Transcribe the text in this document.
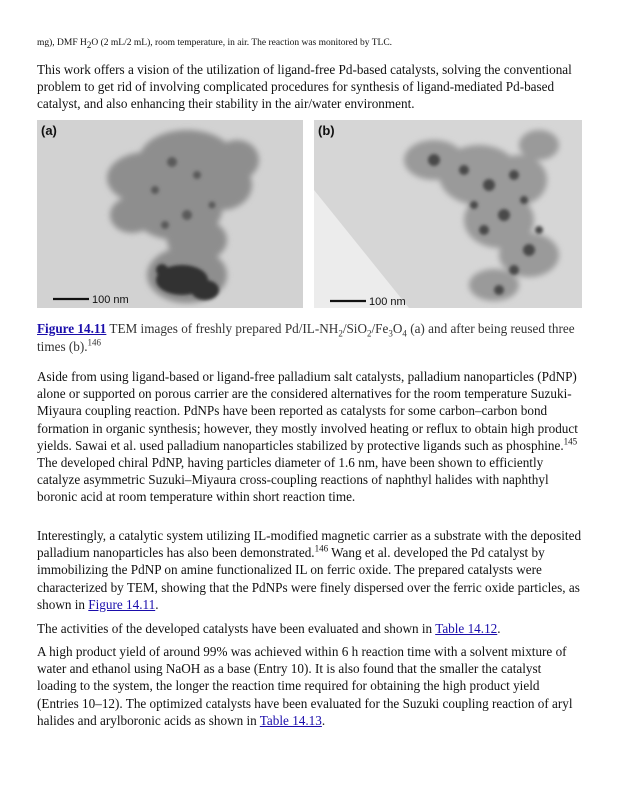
mg), DMF $H_2O$ (2 mL/2 mL), room temperature, in air. The reaction was monitored by TLC.

This work offers a vision of the utilization of ligand-free Pd-based catalysts, solving the conventional problem to get rid of involving complicated procedures for synthesis of ligand-mediated Pd-based catalyst, and also enhancing their stability in the air/water environment.

100 nm
(a)
100 nm
(b)

Figure 14.11 TEM images of freshly prepared $Pd/IL-NH_2/SiO_2/Fe_3O_4$ (a) and after being reused three times (b).$^{146}$

Aside from using ligand-based or ligand-free palladium salt catalysts, palladium nanoparticles (PdNP) alone or supported on porous carrier are the considered alternatives for the room temperature Suzuki-Miyaura coupling reaction. PdNPs have been reported as catalysts for some carbon–carbon bond formation in organic synthesis; however, they mostly involved heating or reflux to obtain high product yields. Sawai et al. used palladium nanoparticles stabilized by protective ligands such as phosphine.$^{145}$ The developed chiral PdNP, having particles diameter of 1.6 nm, have been shown to efficiently catalyze asymmetric Suzuki–Miyaura cross-coupling reactions of naphthyl halides with naphthyl boronic acid at room temperature within short reaction time.

Interestingly, a catalytic system utilizing IL-modified magnetic carrier as a substrate with the deposited palladium nanoparticles has also been demonstrated.$^{146}$ Wang et al. developed the Pd catalyst by immobilizing the PdNP on amine functionalized IL on ferric oxide. The prepared catalysts were characterized by TEM, showing that the PdNPs were finely dispersed over the ferric oxide particles, as shown in Figure 14.11.

The activities of the developed catalysts have been evaluated and shown in Table 14.12.

A high product yield of around 99% was achieved within 6 h reaction time with a solvent mixture of water and ethanol using NaOH as a base (Entry 10). It is also found that the smaller the catalyst loading to the system, the longer the reaction time required for obtaining the high product yield (Entries 10–12). The optimized catalysts have been evaluated for the Suzuki coupling reaction of aryl halides and arylboronic acids as shown in Table 14.13.
